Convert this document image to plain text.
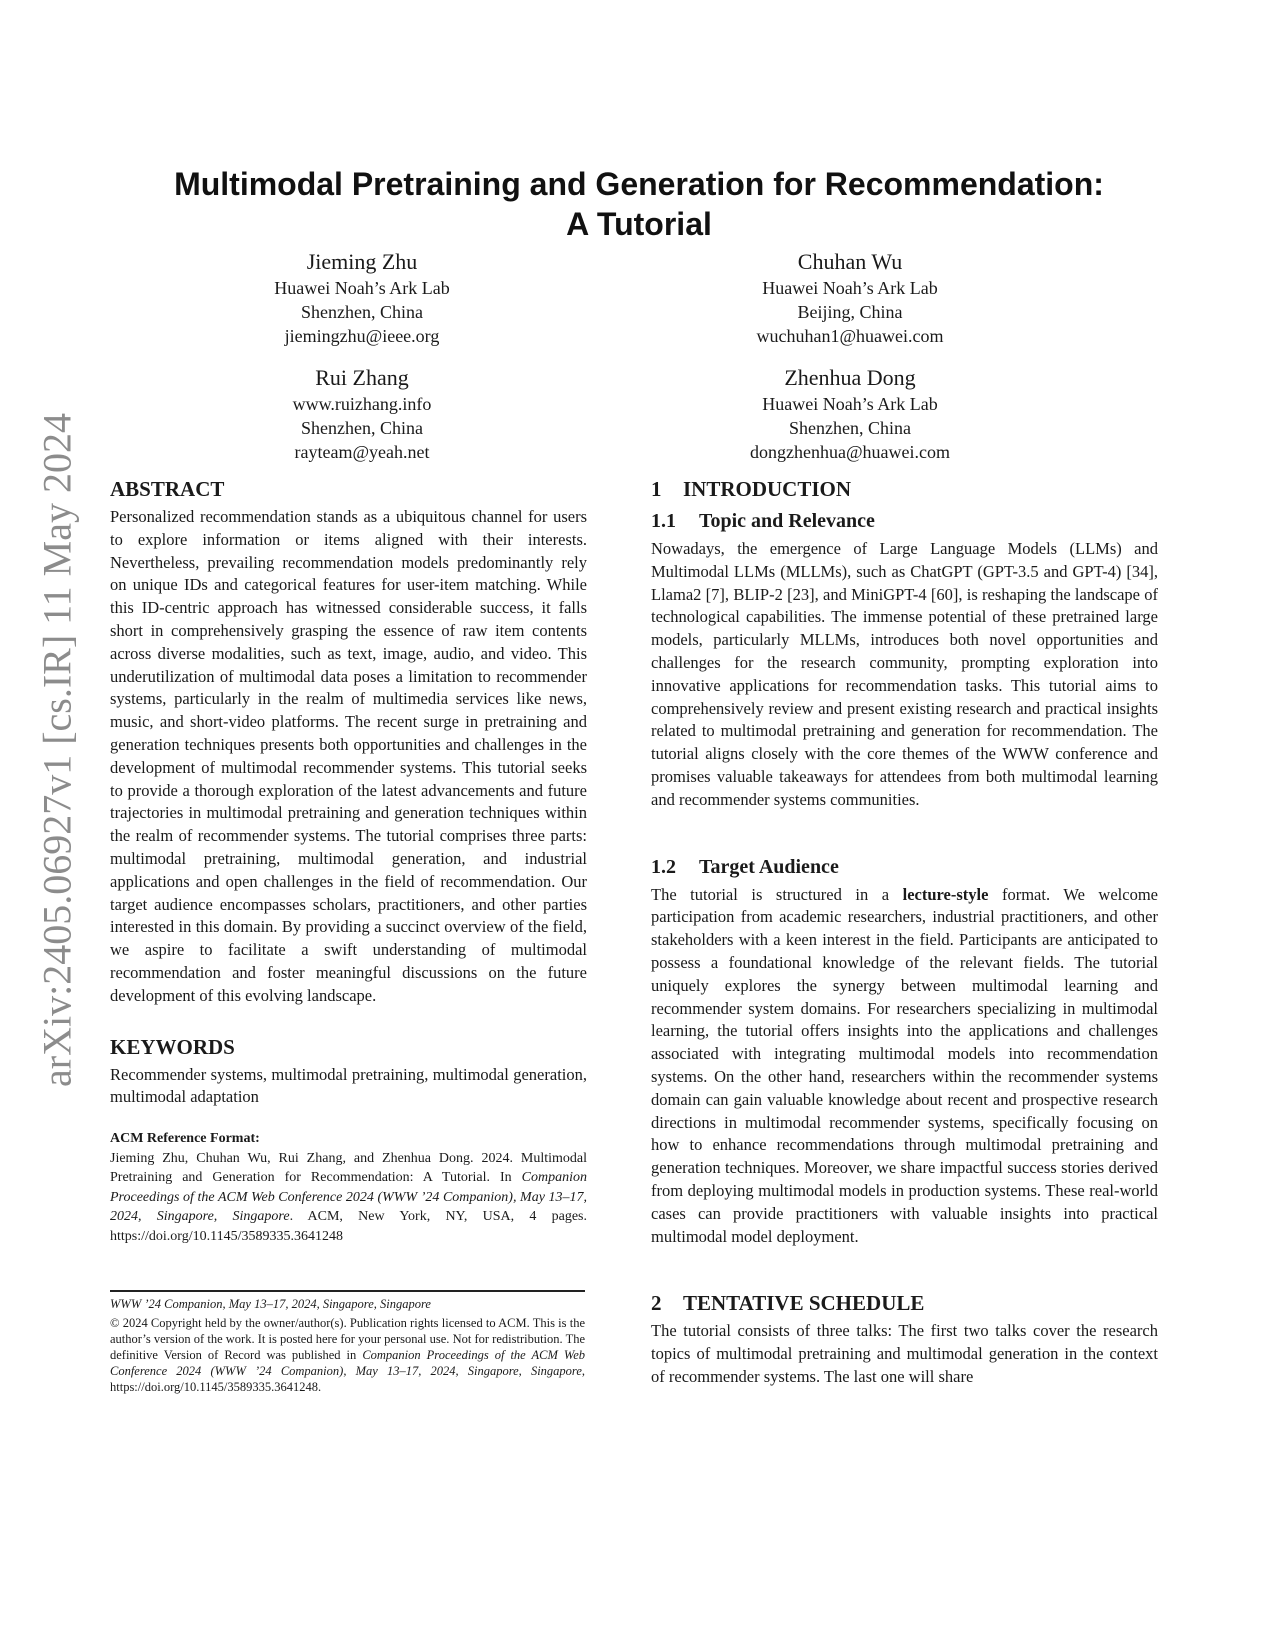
arXiv:2405.06927v1 [cs.IR] 11 May 2024
Multimodal Pretraining and Generation for Recommendation:
A Tutorial
Jieming Zhu
Huawei Noah’s Ark Lab
Shenzhen, China
jiemingzhu@ieee.org
Chuhan Wu
Huawei Noah’s Ark Lab
Beijing, China
wuchuhan1@huawei.com
Rui Zhang
www.ruizhang.info
Shenzhen, China
rayteam@yeah.net
Zhenhua Dong
Huawei Noah’s Ark Lab
Shenzhen, China
dongzhenhua@huawei.com
ABSTRACT

Personalized recommendation stands as a ubiquitous channel for users to explore information or items aligned with their interests. Nevertheless, prevailing recommendation models predominantly rely on unique IDs and categorical features for user-item matching. While this ID-centric approach has witnessed considerable success, it falls short in comprehensively grasping the essence of raw item contents across diverse modalities, such as text, image, audio, and video. This underutilization of multimodal data poses a limitation to recommender systems, particularly in the realm of multimedia services like news, music, and short-video platforms. The recent surge in pretraining and generation techniques presents both opportunities and challenges in the development of multimodal recommender systems. This tutorial seeks to provide a thorough exploration of the latest advancements and future trajectories in multimodal pretraining and generation techniques within the realm of recommender systems. The tutorial comprises three parts: multimodal pretraining, multimodal generation, and industrial applications and open challenges in the field of recommendation. Our target audience encompasses scholars, practitioners, and other parties interested in this domain. By providing a succinct overview of the field, we aspire to facilitate a swift understanding of multimodal recommendation and foster meaningful discussions on the future development of this evolving landscape.

KEYWORDS

Recommender systems, multimodal pretraining, multimodal generation, multimodal adaptation

ACM Reference Format:

Jieming Zhu, Chuhan Wu, Rui Zhang, and Zhenhua Dong. 2024. Multimodal Pretraining and Generation for Recommendation: A Tutorial. In Companion Proceedings of the ACM Web Conference 2024 (WWW ’24 Companion), May 13–17, 2024, Singapore, Singapore. ACM, New York, NY, USA, 4 pages. https://doi.org/10.1145/3589335.3641248

WWW ’24 Companion, May 13–17, 2024, Singapore, Singapore

© 2024 Copyright held by the owner/author(s). Publication rights licensed to ACM. This is the author’s version of the work. It is posted here for your personal use. Not for redistribution. The definitive Version of Record was published in Companion Proceedings of the ACM Web Conference 2024 (WWW ’24 Companion), May 13–17, 2024, Singapore, Singapore, https://doi.org/10.1145/3589335.3641248.

1 INTRODUCTION
1.1 Topic and Relevance

Nowadays, the emergence of Large Language Models (LLMs) and Multimodal LLMs (MLLMs), such as ChatGPT (GPT-3.5 and GPT-4) [34], Llama2 [7], BLIP-2 [23], and MiniGPT-4 [60], is reshaping the landscape of technological capabilities. The immense potential of these pretrained large models, particularly MLLMs, introduces both novel opportunities and challenges for the research community, prompting exploration into innovative applications for recommendation tasks. This tutorial aims to comprehensively review and present existing research and practical insights related to multimodal pretraining and generation for recommendation. The tutorial aligns closely with the core themes of the WWW conference and promises valuable takeaways for attendees from both multimodal learning and recommender systems communities.

1.2 Target Audience

The tutorial is structured in a lecture-style format. We welcome participation from academic researchers, industrial practitioners, and other stakeholders with a keen interest in the field. Participants are anticipated to possess a foundational knowledge of the relevant fields. The tutorial uniquely explores the synergy between multimodal learning and recommender system domains. For researchers specializing in multimodal learning, the tutorial offers insights into the applications and challenges associated with integrating multimodal models into recommendation systems. On the other hand, researchers within the recommender systems domain can gain valuable knowledge about recent and prospective research directions in multimodal recommender systems, specifically focusing on how to enhance recommendations through multimodal pretraining and generation techniques. Moreover, we share impactful success stories derived from deploying multimodal models in production systems. These real-world cases can provide practitioners with valuable insights into practical multimodal model deployment.

2 TENTATIVE SCHEDULE

The tutorial consists of three talks: The first two talks cover the research topics of multimodal pretraining and multimodal generation in the context of recommender systems. The last one will share
